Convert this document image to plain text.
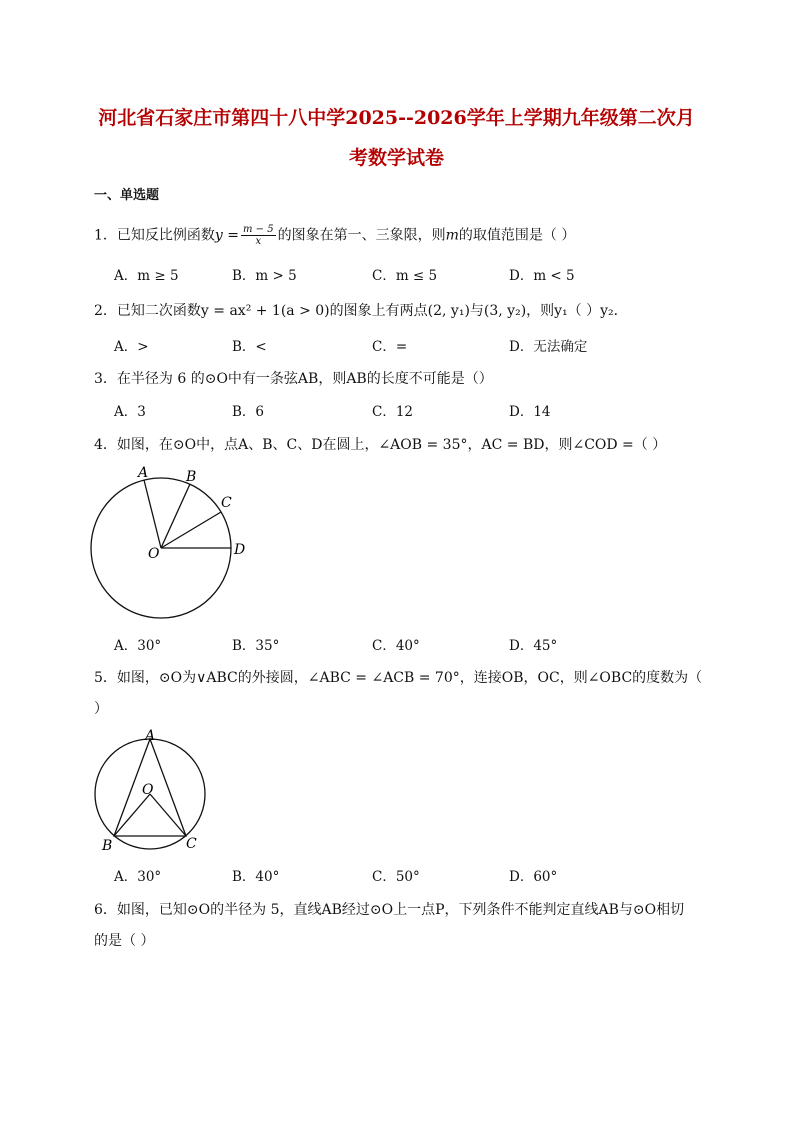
河北省石家庄市第四十八中学2025--2026学年上学期九年级第二次月
考数学试卷
一、单选题
1．已知反比例函数$y = \frac{m - 5}{x}$ 的图象在第一、三象限，则m的取值范围是（ ）
A．m ≥ 5	B．m > 5	C．m ≤ 5	D．m < 5
2．已知二次函数y = ax² + 1(a > 0)的图象上有两点(2, y₁)与(3, y₂)，则y₁（ ）y₂．
A．>	B．<	C．=	D．无法确定
3．在半径为 6 的⊙O中有一条弦AB，则AB的长度不可能是（）
A．3	B．6	C．12	D．14
4．如图，在⊙O中，点A、B、C、D在圆上，∠AOB = 35°，AC = BD，则∠COD =（ ）
A	B
C
D
O
A．30°	B．35°	C．40°	D．45°
5．如图，⊙O为∨ABC的外接圆，∠ABC = ∠ACB = 70°，连接OB，OC，则∠OBC的度数为（
）
A
O
B	C
A．30°	B．40°	C．50°	D．60°
6．如图，已知⊙O的半径为 5，直线AB经过⊙O上一点P，下列条件不能判定直线AB与⊙O相切
的是（ ）
